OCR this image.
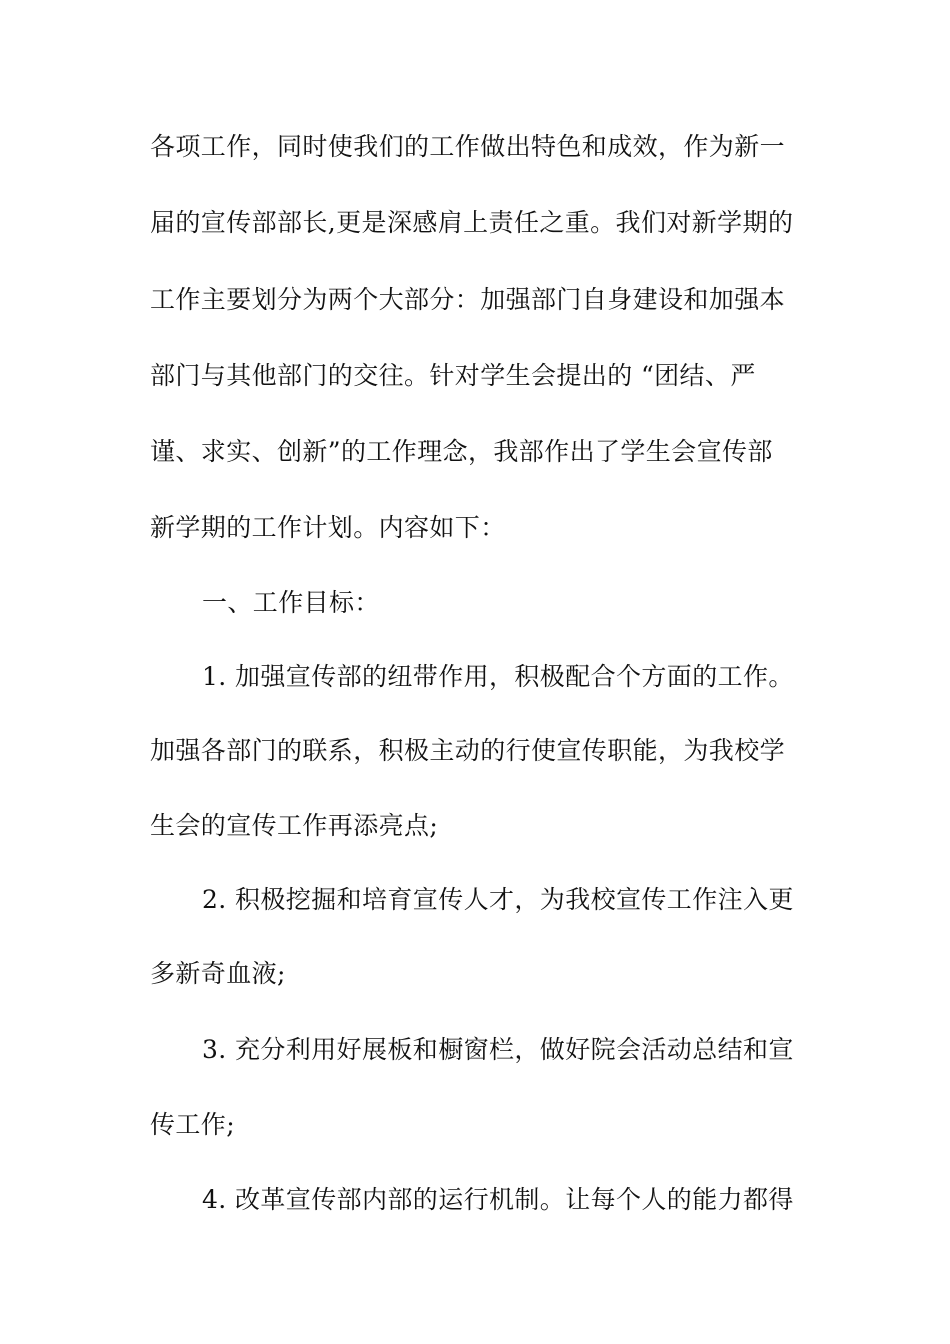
各项工作，同时使我们的工作做出特色和成效，作为新一
届的宣传部部长,更是深感肩上责任之重。我们对新学期的
工作主要划分为两个大部分：加强部门自身建设和加强本
部门与其他部门的交往。针对学生会提出的 “团结、严
谨、求实、创新”的工作理念，我部作出了学生会宣传部
新学期的工作计划。内容如下：
一、工作目标：
1. 加强宣传部的纽带作用，积极配合个方面的工作。
加强各部门的联系，积极主动的行使宣传职能，为我校学
生会的宣传工作再添亮点;
2. 积极挖掘和培育宣传人才，为我校宣传工作注入更
多新奇血液;
3. 充分利用好展板和橱窗栏，做好院会活动总结和宣
传工作;
4. 改革宣传部内部的运行机制。让每个人的能力都得
